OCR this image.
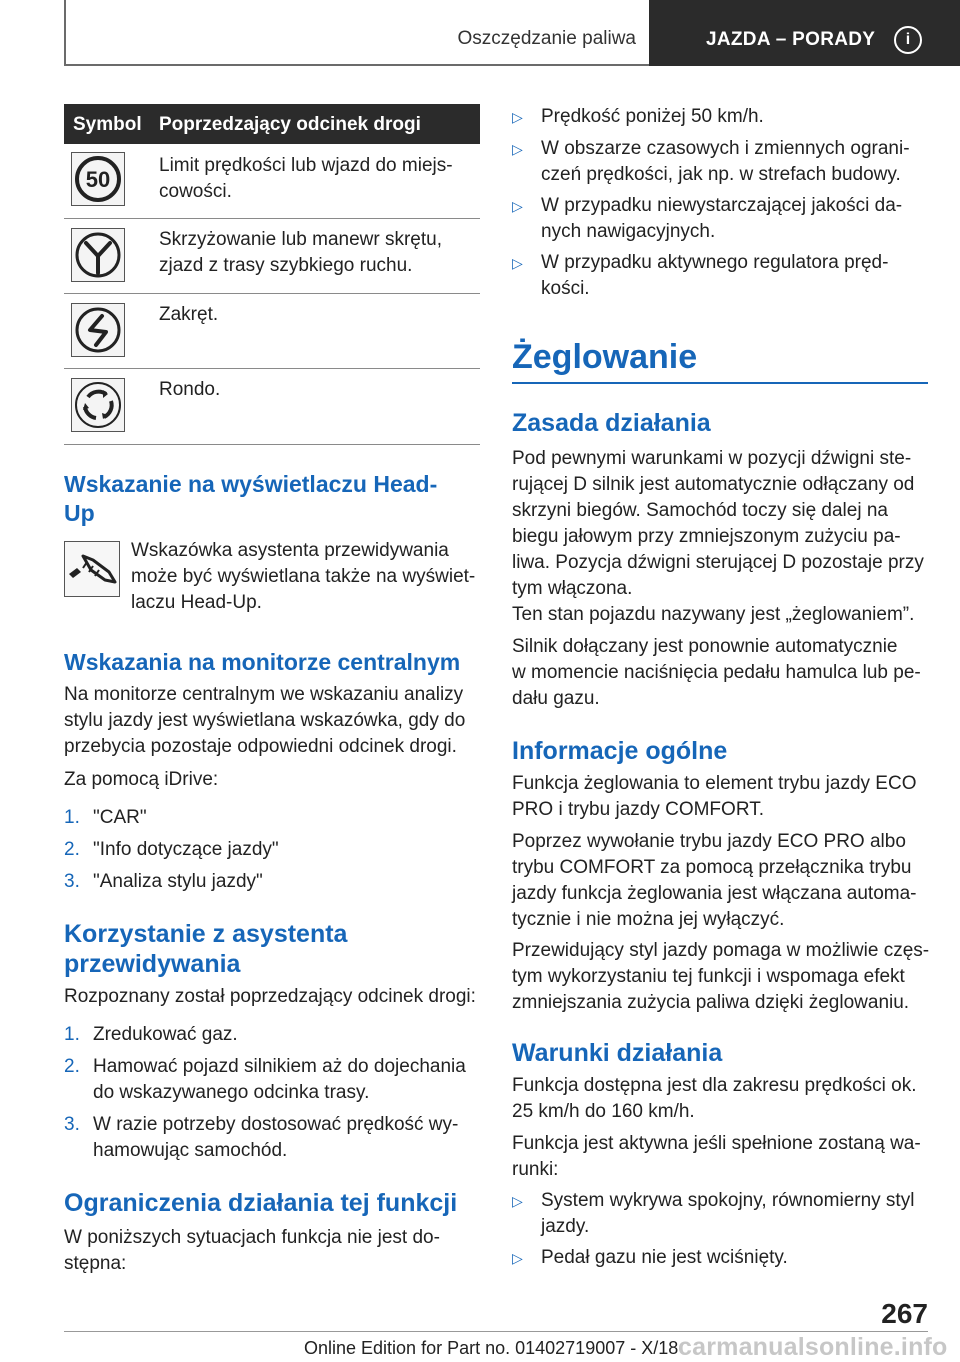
Oszczędzanie paliwa	JAZDA – PORADY	i
Symbol Poprzedzający odcinek drogi
50
Limit prędkości lub wjazd do miejs-
cowości.
Skrzyżowanie lub manewr skrętu,
zjazd z trasy szybkiego ruchu.
Zakręt.
Rondo.
Wskazanie na wyświetlaczu Head-
Up
Wskazówka asystenta przewidywania
może być wyświetlana także na wyświet-
laczu Head-Up.
Wskazania na monitorze centralnym
Na monitorze centralnym we wskazaniu analizy
stylu jazdy jest wyświetlana wskazówka, gdy do
przebycia pozostaje odpowiedni odcinek drogi.
Za pomocą iDrive:
1. "CAR"
2. "Info dotyczące jazdy"
3. "Analiza stylu jazdy"
Korzystanie z asystenta
przewidywania
Rozpoznany został poprzedzający odcinek drogi:
1. Zredukować gaz.
2. Hamować pojazd silnikiem aż do dojechania
do wskazywanego odcinka trasy.
3. W razie potrzeby dostosować prędkość wy-
hamowując samochód.
Ograniczenia działania tej funkcji
W poniższych sytuacjach funkcja nie jest do-
stępna:
▷ Prędkość poniżej 50 km/h.
▷ W obszarze czasowych i zmiennych ograni-
czeń prędkości, jak np. w strefach budowy.
▷ W przypadku niewystarczającej jakości da-
nych nawigacyjnych.
▷ W przypadku aktywnego regulatora pręd-
kości.
Żeglowanie
Zasada działania
Pod pewnymi warunkami w pozycji dźwigni ste-
rującej D silnik jest automatycznie odłączany od
skrzyni biegów. Samochód toczy się dalej na
biegu jałowym przy zmniejszonym zużyciu pa-
liwa. Pozycja dźwigni sterującej D pozostaje przy
tym włączona.
Ten stan pojazdu nazywany jest „żeglowaniem”.
Silnik dołączany jest ponownie automatycznie
w momencie naciśnięcia pedału hamulca lub pe-
dału gazu.
Informacje ogólne
Funkcja żeglowania to element trybu jazdy ECO
PRO i trybu jazdy COMFORT.
Poprzez wywołanie trybu jazdy ECO PRO albo
trybu COMFORT za pomocą przełącznika trybu
jazdy funkcja żeglowania jest włączana automa-
tycznie i nie można jej wyłączyć.
Przewidujący styl jazdy pomaga w możliwie częs-
tym wykorzystaniu tej funkcji i wspomaga efekt
zmniejszania zużycia paliwa dzięki żeglowaniu.
Warunki działania
Funkcja dostępna jest dla zakresu prędkości ok.
25 km/h do 160 km/h.
Funkcja jest aktywna jeśli spełnione zostaną wa-
runki:
▷ System wykrywa spokojny, równomierny styl
jazdy.
▷ Pedał gazu nie jest wciśnięty.
267
Online Edition for Part no. 01402719007 - X/18 carmanualsonline.info
